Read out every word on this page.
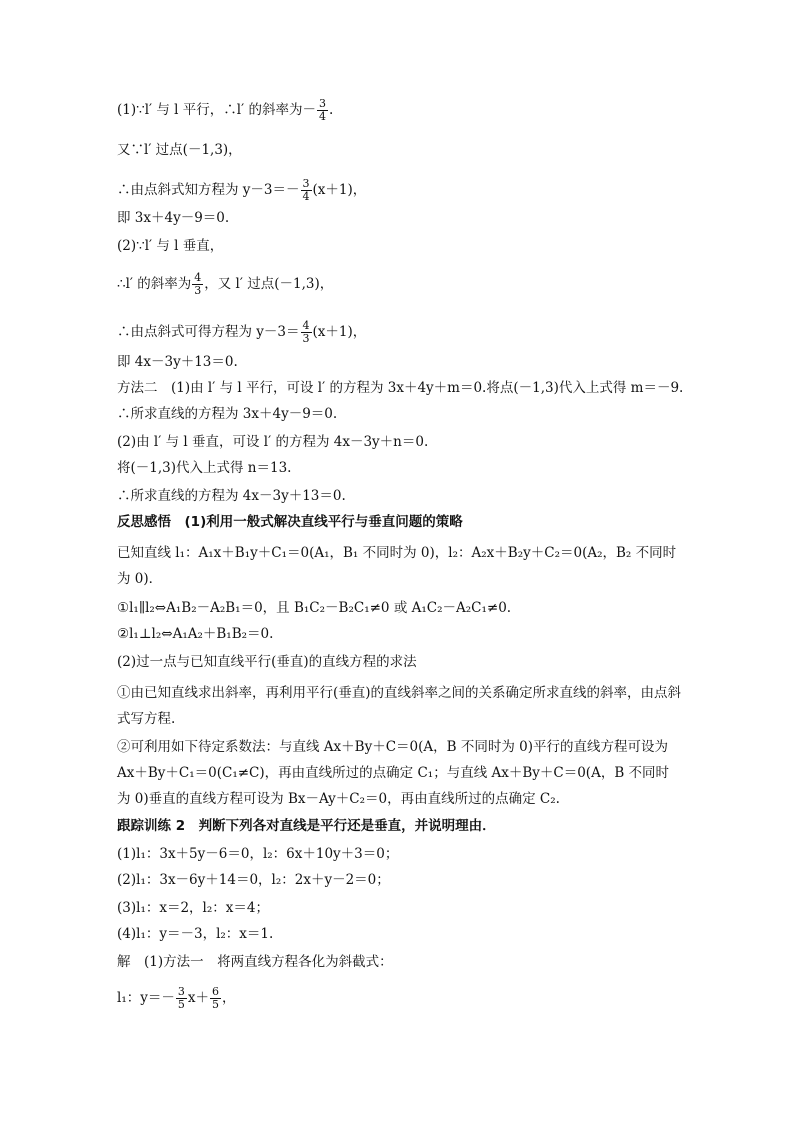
(1)∵l′ 与 l 平行，∴l′ 的斜率为－ $\frac{3}{4}$ .
又∵l′ 过点(－1,3)，
∴由点斜式知方程为 $y-3=- \frac{3}{4} (x+1)$，
即 3x＋4y－9＝0.
(2)∵l′ 与 l 垂直，
∴l′ 的斜率为 $\frac{4}{3}$ ，又 l′ 过点(－1,3)，
∴由点斜式可得方程为 $y-3= \frac{4}{3} (x+1)$，
即 4x－3y＋13＝0.
方法二　(1)由 l′ 与 l 平行，可设 l′ 的方程为 3x＋4y＋m＝0.将点(－1,3)代入上式得 m＝－9.
∴所求直线的方程为 3x＋4y－9＝0.
(2)由 l′ 与 l 垂直，可设 l′ 的方程为 4x－3y＋n＝0.
将(－1,3)代入上式得 n＝13.
∴所求直线的方程为 4x－3y＋13＝0.
反思感悟　(1)利用一般式解决直线平行与垂直问题的策略
已知直线 l₁：A₁x＋B₁y＋C₁＝0(A₁，B₁ 不同时为 0)，l₂：A₂x＋B₂y＋C₂＝0(A₂，B₂ 不同时为 0)．
①l₁∥l₂⇔A₁B₂－A₂B₁＝0，且 B₁C₂－B₂C₁≠0 或 A₁C₂－A₂C₁≠0.
②l₁⊥l₂⇔A₁A₂＋B₁B₂＝0.
(2)过一点与已知直线平行(垂直)的直线方程的求法
①由已知直线求出斜率，再利用平行(垂直)的直线斜率之间的关系确定所求直线的斜率，由点斜式写方程.
②可利用如下待定系数法：与直线 Ax＋By＋C＝0(A，B 不同时为 0)平行的直线方程可设为 Ax＋By＋C₁＝0(C₁≠C)，再由直线所过的点确定 C₁；与直线 Ax＋By＋C＝0(A，B 不同时为 0)垂直的直线方程可设为 Bx－Ay＋C₂＝0，再由直线所过的点确定 C₂.
跟踪训练 2　判断下列各对直线是平行还是垂直，并说明理由．
(1)l₁：3x＋5y－6＝0，l₂：6x＋10y＋3＝0；
(2)l₁：3x－6y＋14＝0，l₂：2x＋y－2＝0；
(3)l₁：x＝2，l₂：x＝4；
(4)l₁：y＝－3，l₂：x＝1.
解　(1)方法一　将两直线方程各化为斜截式：
l₁：$y=- \frac{3}{5} x+ \frac{6}{5}$ ，
